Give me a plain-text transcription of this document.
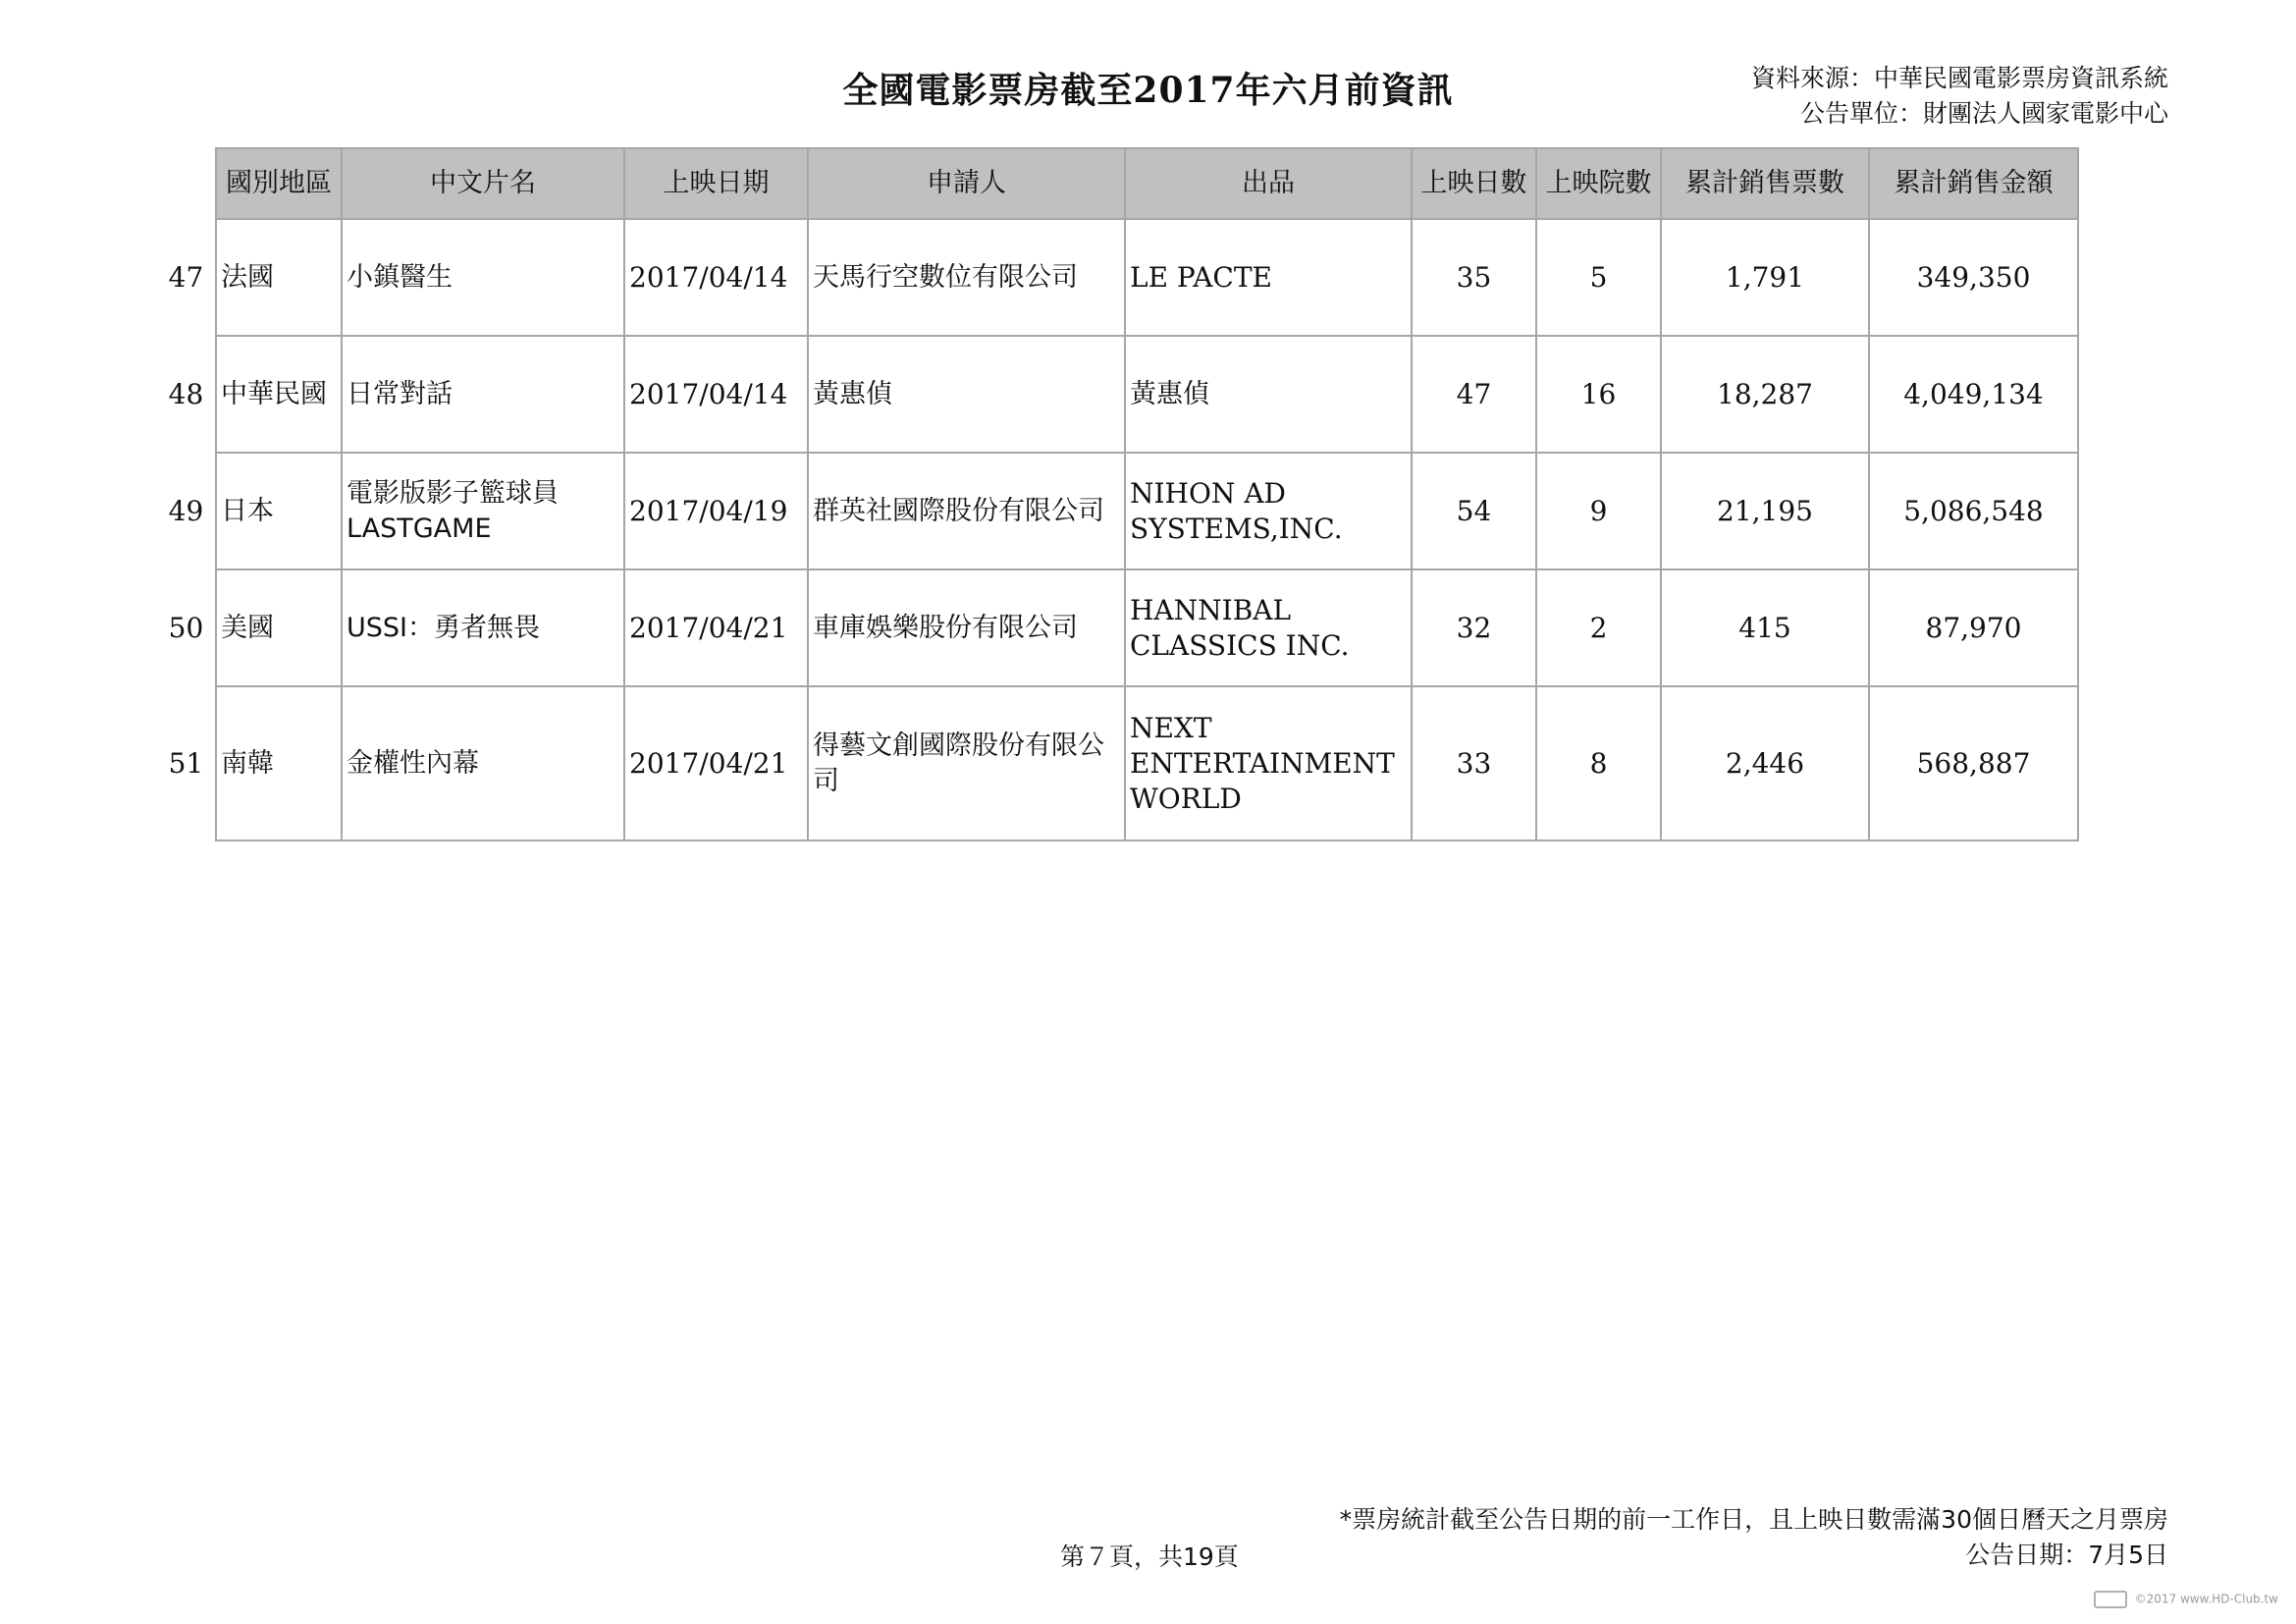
全國電影票房截至2017年六月前資訊	資料來源：中華民國電影票房資訊系統
公告單位：財團法人國家電影中心
	國別地區	中文片名	上映日期	申請人	出品	上映日數	上映院數	累計銷售票數	累計銷售金額
47	法國	小鎮醫生	2017/04/14	天馬行空數位有限公司	LE PACTE	35	5	1,791	349,350
48	中華民國	日常對話	2017/04/14	黃惠偵	黃惠偵	47	16	18,287	4,049,134
49	日本	電影版影子籃球員LASTGAME	2017/04/19	群英社國際股份有限公司	NIHON AD SYSTEMS,INC.	54	9	21,195	5,086,548
50	美國	USSI：勇者無畏	2017/04/21	車庫娛樂股份有限公司	HANNIBAL CLASSICS INC.	32	2	415	87,970
51	南韓	金權性內幕	2017/04/21	得藝文創國際股份有限公司	NEXT ENTERTAINMENT WORLD	33	8	2,446	568,887
*票房統計截至公告日期的前一工作日，且上映日數需滿30個日曆天之月票房
公告日期：7月5日
第７頁，共19頁
©2017 www.HD-Club.tw
